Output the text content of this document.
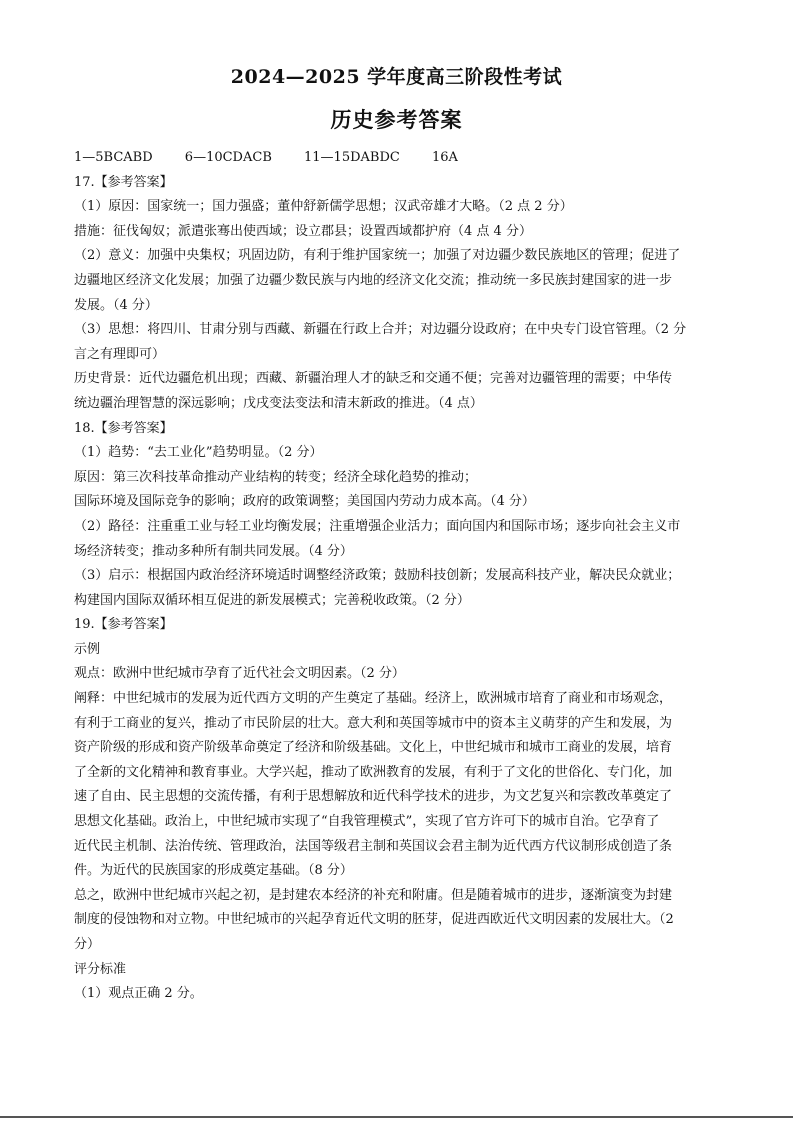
2024—2025 学年度高三阶段性考试
历史参考答案
1—5BCABD 6—10CDACB 11—15DABDC 16A
17.【参考答案】
（1）原因：国家统一；国力强盛；董仲舒新儒学思想；汉武帝雄才大略。（2 点 2 分）
措施：征伐匈奴；派遣张骞出使西域；设立郡县；设置西域都护府（4 点 4 分）
（2）意义：加强中央集权；巩固边防，有利于维护国家统一；加强了对边疆少数民族地区的管理；促进了
边疆地区经济文化发展；加强了边疆少数民族与内地的经济文化交流；推动统一多民族封建国家的进一步
发展。（4 分）
（3）思想：将四川、甘肃分别与西藏、新疆在行政上合并；对边疆分设政府；在中央专门设官管理。（2 分
言之有理即可）
历史背景：近代边疆危机出现；西藏、新疆治理人才的缺乏和交通不便；完善对边疆管理的需要；中华传
统边疆治理智慧的深远影响；戊戌变法变法和清末新政的推进。（4 点）
18.【参考答案】
（1）趋势：“去工业化”趋势明显。（2 分）
原因：第三次科技革命推动产业结构的转变；经济全球化趋势的推动；
国际环境及国际竞争的影响；政府的政策调整；美国国内劳动力成本高。（4 分）
（2）路径：注重重工业与轻工业均衡发展；注重增强企业活力；面向国内和国际市场；逐步向社会主义市
场经济转变；推动多种所有制共同发展。（4 分）
（3）启示：根据国内政治经济环境适时调整经济政策；鼓励科技创新；发展高科技产业，解决民众就业；
构建国内国际双循环相互促进的新发展模式；完善税收政策。（2 分）
19.【参考答案】
示例
观点：欧洲中世纪城市孕育了近代社会文明因素。（2 分）
阐释：中世纪城市的发展为近代西方文明的产生奠定了基础。经济上，欧洲城市培育了商业和市场观念，
有利于工商业的复兴，推动了市民阶层的壮大。意大利和英国等城市中的资本主义萌芽的产生和发展，为
资产阶级的形成和资产阶级革命奠定了经济和阶级基础。文化上，中世纪城市和城市工商业的发展，培育
了全新的文化精神和教育事业。大学兴起，推动了欧洲教育的发展，有利于了文化的世俗化、专门化，加
速了自由、民主思想的交流传播，有利于思想解放和近代科学技术的进步，为文艺复兴和宗教改革奠定了
思想文化基础。政治上，中世纪城市实现了“自我管理模式”，实现了官方许可下的城市自治。它孕育了
近代民主机制、法治传统、管理政治，法国等级君主制和英国议会君主制为近代西方代议制形成创造了条
件。为近代的民族国家的形成奠定基础。（8 分）
总之，欧洲中世纪城市兴起之初，是封建农本经济的补充和附庸。但是随着城市的进步，逐渐演变为封建
制度的侵蚀物和对立物。中世纪城市的兴起孕育近代文明的胚芽，促进西欧近代文明因素的发展壮大。（2
分）
评分标准
（1）观点正确 2 分。
